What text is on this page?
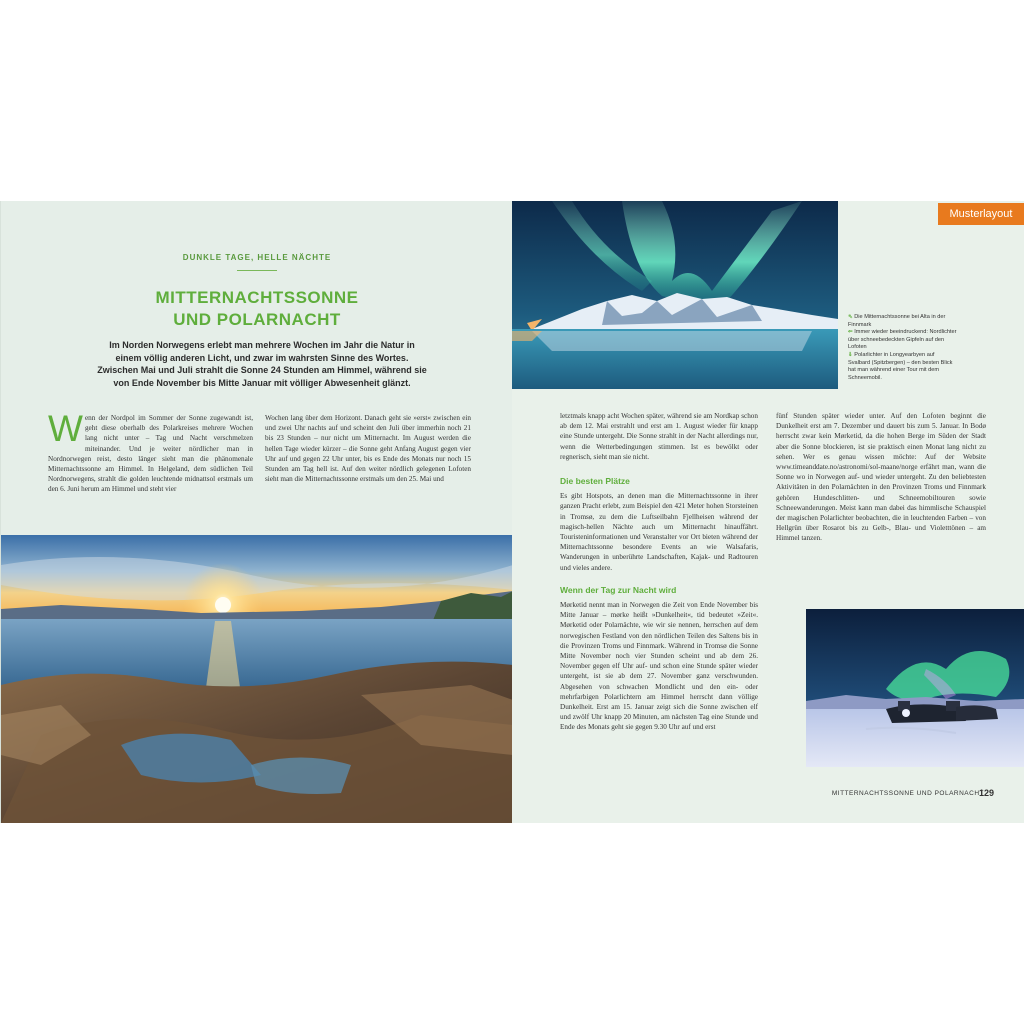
DUNKLE TAGE, HELLE NÄCHTE
MITTERNACHTSSONNE
UND POLARNACHT
Im Norden Norwegens erlebt man mehrere Wochen im Jahr die Natur in einem völlig anderen Licht, und zwar im wahrsten Sinne des Wortes. Zwischen Mai und Juli strahlt die Sonne 24 Stunden am Himmel, während sie von Ende November bis Mitte Januar mit völliger Abwesenheit glänzt.
W enn der Nordpol im Sommer der Sonne zugewandt ist, geht diese oberhalb des Polarkreises mehrere Wochen lang nicht unter – Tag und Nacht verschmelzen miteinander. Und je weiter nördlicher man in Nordnorwegen reist, desto länger sieht man die phänomenale Mitternachtssonne am Himmel. In Helgeland, dem südlichen Teil Nordnorwegens, strahlt die golden leuchtende midnattsol erstmals um den 6. Juni herum am Himmel und steht vier
Wochen lang über dem Horizont. Danach geht sie »erst« zwischen ein und zwei Uhr nachts auf und scheint den Juli über immerhin noch 21 bis 23 Stunden – nur nicht um Mitternacht. Im August werden die hellen Tage wieder kürzer – die Sonne geht Anfang August gegen vier Uhr auf und gegen 22 Uhr unter, bis es Ende des Monats nur noch 15 Stunden am Tag hell ist. Auf den weiter nördlich gelegenen Lofoten sieht man die Mitternachtssonne erstmals um den 25. Mai und
Musterlayout
⇖ Die Mitternachtssonne bei Alta in der Finnmark
⇐ Immer wieder beeindruckend: Nordlichter über schneebedeckten Gipfeln auf den Lofoten
⇓ Polarlichter in Longyearbyen auf Svalbard (Spitzbergen) – den besten Blick hat man während einer Tour mit dem Schneemobil.
letztmals knapp acht Wochen später, während sie am Nordkap schon ab dem 12. Mai erstrahlt und erst am 1. August wieder für knapp eine Stunde untergeht. Die Sonne strahlt in der Nacht allerdings nur, wenn die Wetterbedingungen stimmen. Ist es bewölkt oder regnerisch, sieht man sie nicht.
Die besten Plätze
Es gibt Hotspots, an denen man die Mitternachtssonne in ihrer ganzen Pracht erlebt, zum Beispiel den 421 Meter hohen Storsteinen in Tromsø, zu dem die Luftseilbahn Fjellheisen während der magisch-hellen Nächte auch um Mitternacht hinauffährt. Touristeninformationen und Veranstalter vor Ort bieten während der Mitternachtssonne besondere Events an wie Walsafaris, Wanderungen in unberührte Landschaften, Kajak- und Radtouren und vieles andere.
Wenn der Tag zur Nacht wird
Mørketid nennt man in Norwegen die Zeit von Ende November bis Mitte Januar – mørke heißt »Dunkelheit«, tid bedeutet »Zeit«. Mørketid oder Polarnächte, wie wir sie nennen, herrschen auf dem norwegischen Festland von den nördlichen Teilen des Saltens bis in die Provinzen Troms und Finnmark. Während in Tromsø die Sonne Mitte November noch vier Stunden scheint und ab dem 26. November gegen elf Uhr auf- und schon eine Stunde später wieder untergeht, ist sie ab dem 27. November ganz verschwunden. Abgesehen von schwachen Mondlicht und den ein- oder mehrfarbigen Polarlichtern am Himmel herrscht dann völlige Dunkelheit. Erst am 15. Januar zeigt sich die Sonne zwischen elf und zwölf Uhr knapp 20 Minuten, am nächsten Tag eine Stunde und Ende des Monats geht sie gegen 9.30 Uhr auf und erst
fünf Stunden später wieder unter. Auf den Lofoten beginnt die Dunkelheit erst am 7. Dezember und dauert bis zum 5. Januar. In Bodø herrscht zwar kein Mørketid, da die hohen Berge im Süden der Stadt aber die Sonne blockieren, ist sie praktisch einen Monat lang nicht zu sehen. Wer es genau wissen möchte: Auf der Website www.timeanddate.no/astronomi/sol-maane/norge erfährt man, wann die Sonne wo in Norwegen auf- und wieder untergeht. Zu den beliebtesten Aktivitäten in den Polarnächten in den Provinzen Troms und Finnmark gehören Hundeschlitten- und Schneemobiltouren sowie Schneewanderungen. Meist kann man dabei das himmlische Schauspiel der magischen Polarlichter beobachten, die in leuchtenden Farben – von Hellgrün über Rosarot bis zu Gelb-, Blau- und Violetttönen – am Himmel tanzen.
MITTERNACHTSSONNE UND POLARNACHT
129
